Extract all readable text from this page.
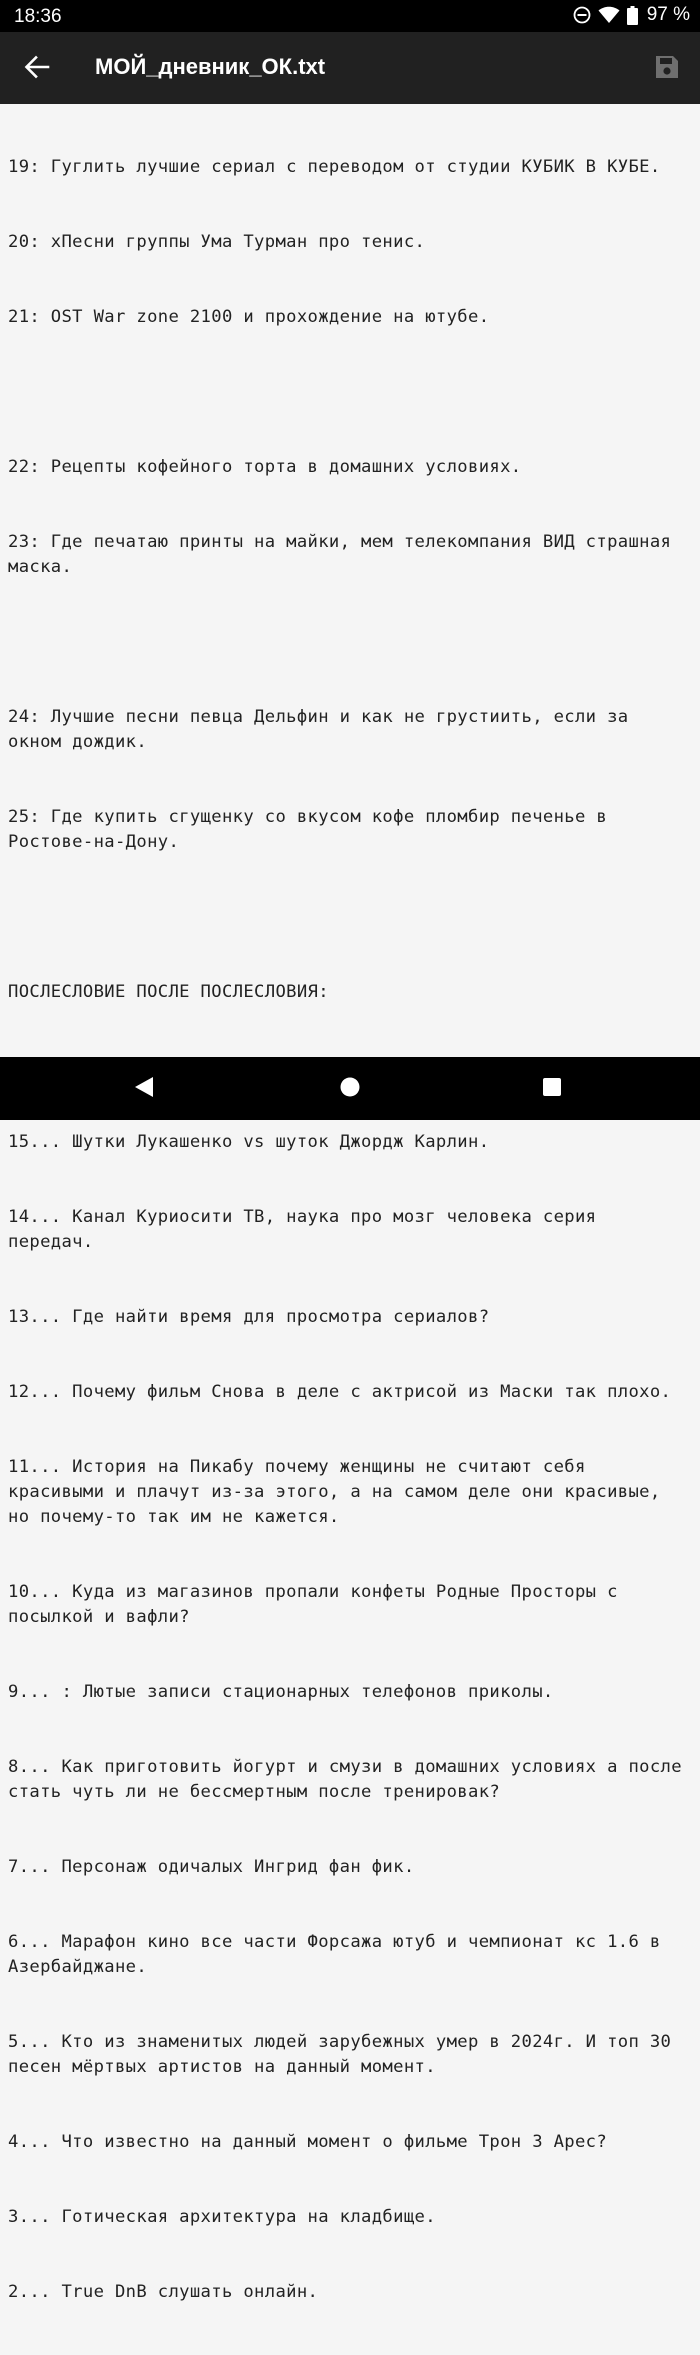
18:36	97 %
МОЙ_дневник_ОК.txt

19: Гуглить лучшие сериал с переводом от студии КУБИК В КУБЕ.

20: хПесни группы Ума Турман про тенис.

21: OST War zone 2100 и прохождение на ютубе.

22: Рецепты кофейного торта в домашних условиях.

23: Где печатаю принты на майки, мем телекомпания ВИД страшная маска.

24: Лучшие песни певца Дельфин и как не грустиить, если за окном дождик.

25: Где купить сгущенку со вкусом кофе пломбир печенье в Ростове-на-Дону.

ПОСЛЕСЛОВИЕ ПОСЛЕ ПОСЛЕСЛОВИЯ:

15... Шутки Лукашенко vs шуток Джордж Карлин.

14... Канал Куриосити ТВ, наука про мозг человека серия передач.

13... Где найти время для просмотра сериалов?

12... Почему фильм Снова в деле с актрисой из Маски так плохо.

11... История на Пикабу почему женщины не считают себя красивыми и плачут из-за этого, а на самом деле они красивые, но почему-то так им не кажется.

10... Куда из магазинов пропали конфеты Родные Просторы с посылкой и вафли?

9... : Лютые записи стационарных телефонов приколы.

8... Как приготовить йогурт и смузи в домашних условиях а после стать чуть ли не бессмертным после тренировак?

7... Персонаж одичалых Ингрид фан фик.

6... Марафон кино все части Форсажа ютуб и чемпионат кс 1.6 в Азербайджане.

5... Кто из знаменитых людей зарубежных умер в 2024г. И топ 30 песен мёртвых артистов на данный момент.

4... Что известно на данный момент о фильме Трон 3 Арес?

3... Готическая архитектура на кладбище.

2... True DnB слушать онлайн.
